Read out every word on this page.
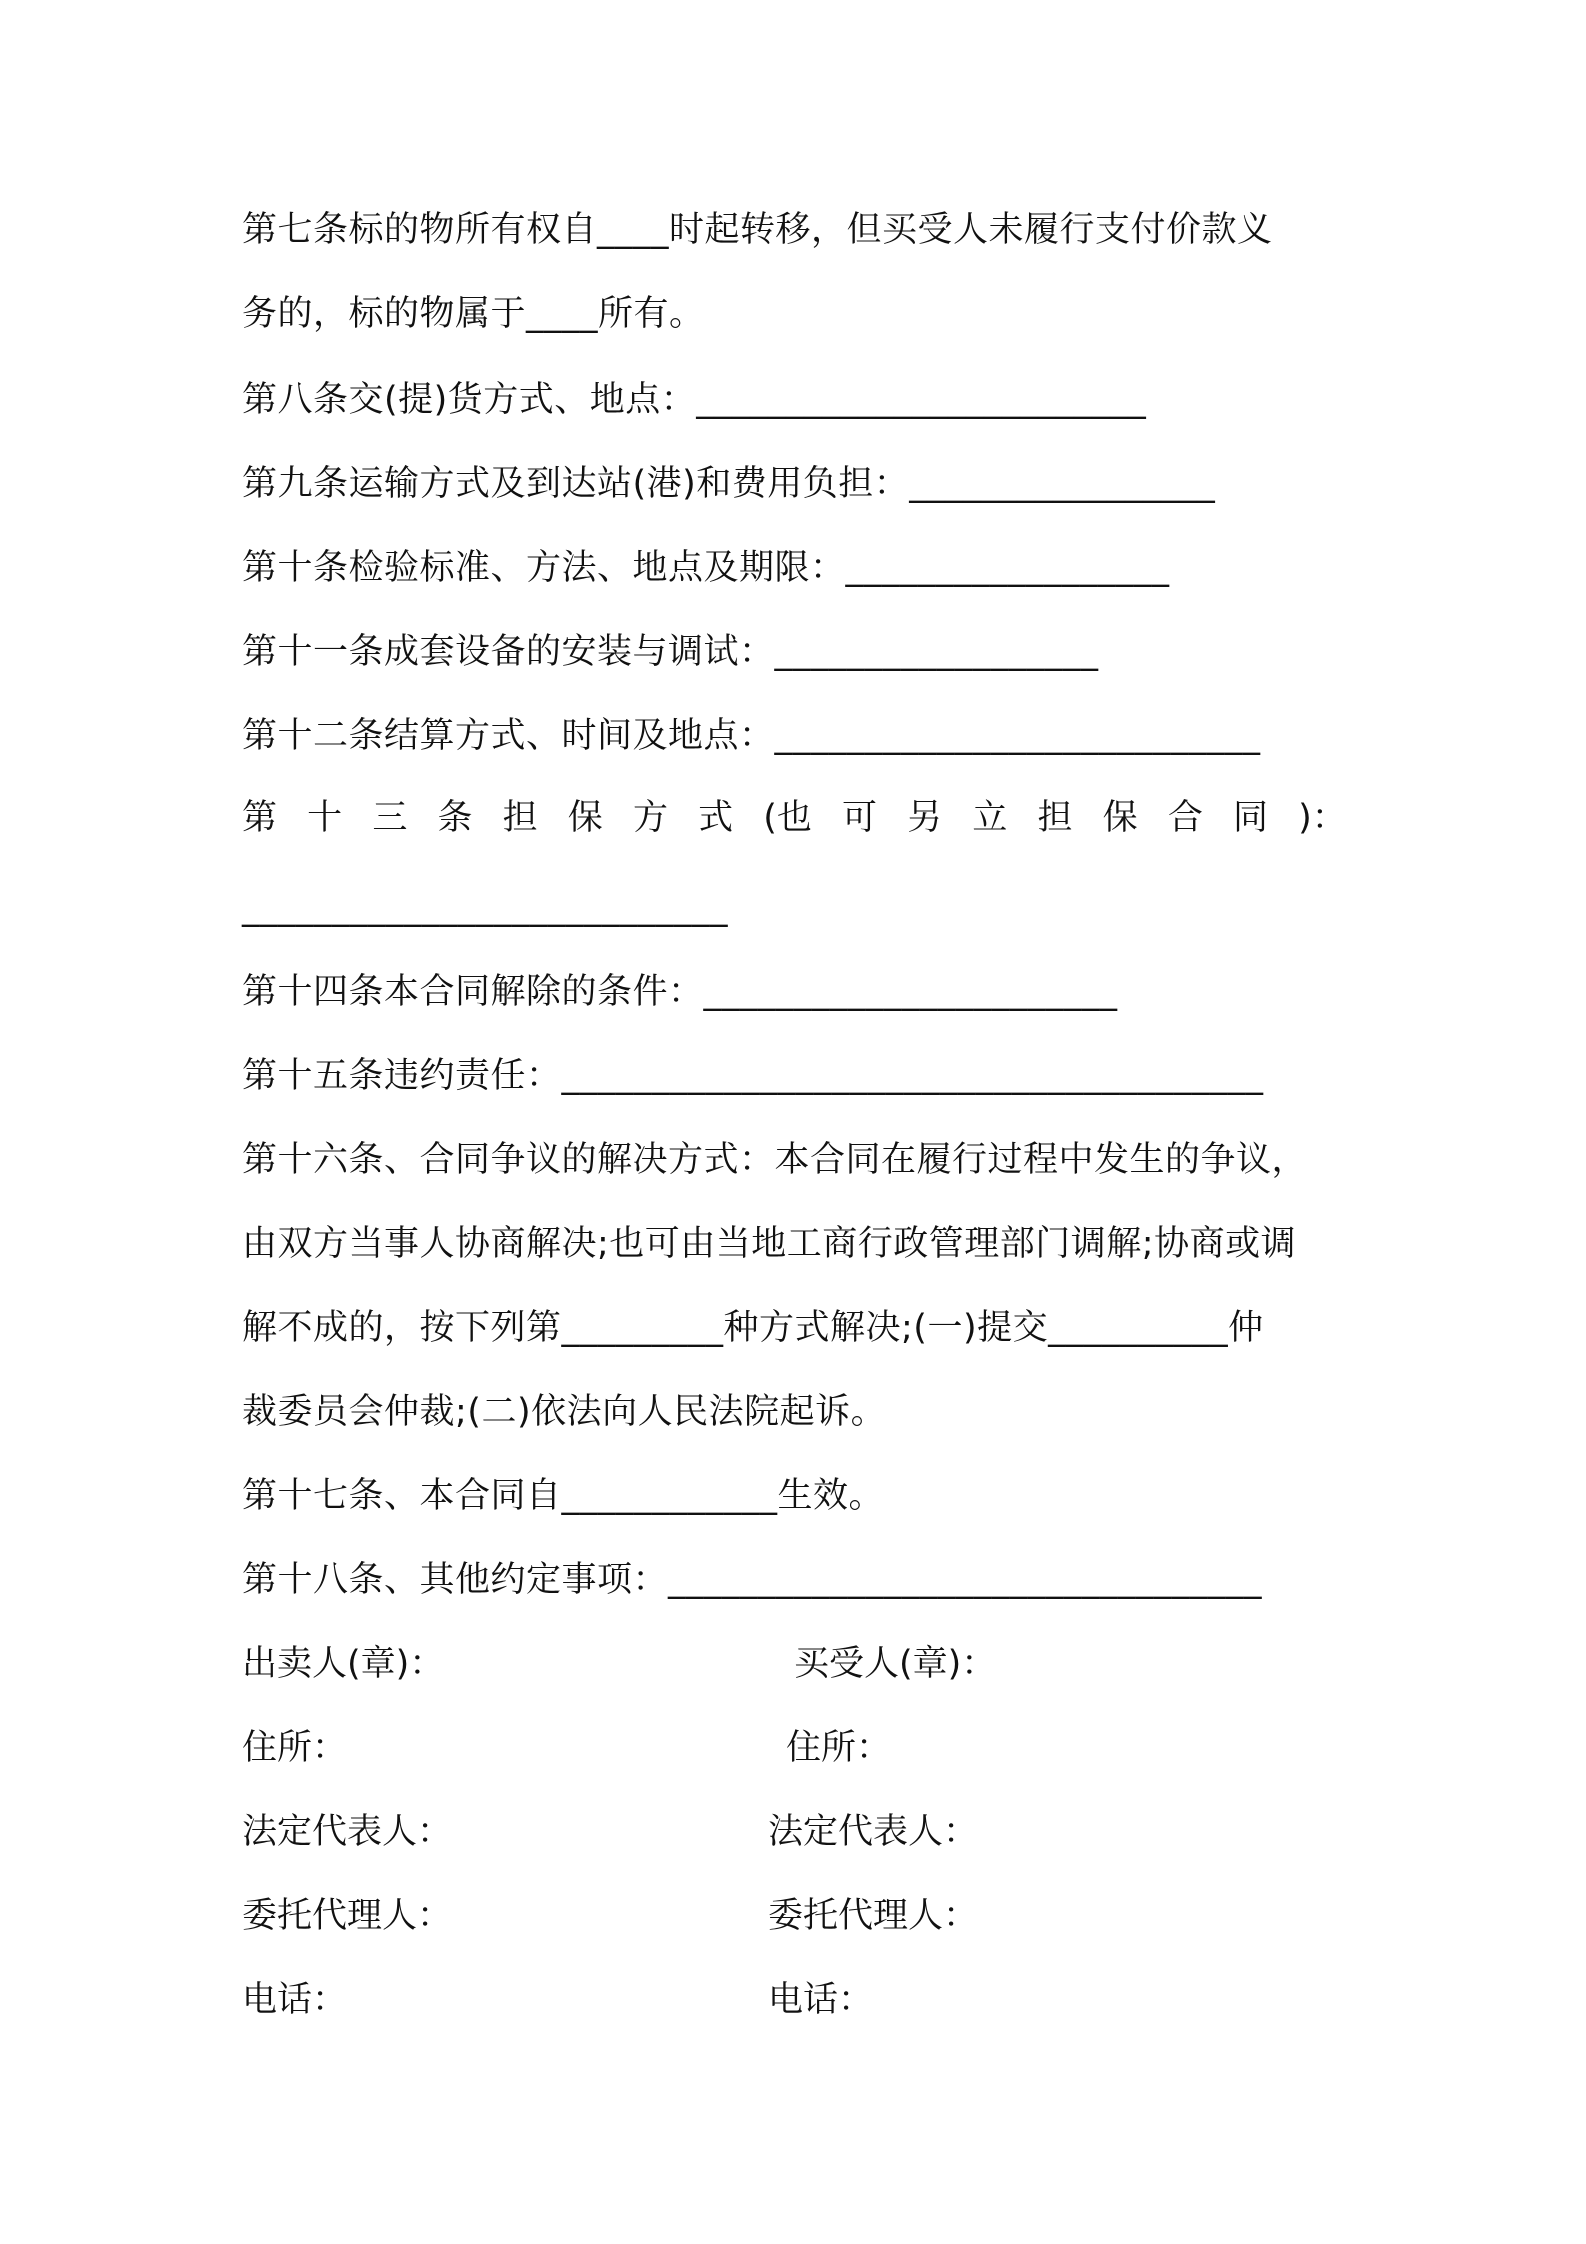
第七条标的物所有权自____时起转移，但买受人未履行支付价款义
务的，标的物属于____所有。
第八条交(提)货方式、地点：_________________________
第九条运输方式及到达站(港)和费用负担：_________________
第十条检验标准、方法、地点及期限：__________________
第十一条成套设备的安装与调试：__________________
第十二条结算方式、时间及地点：___________________________
第 十 三 条 担 保 方 式 (也 可 另 立 担 保 合 同 )：
___________________________
第十四条本合同解除的条件：_______________________
第十五条违约责任：_______________________________________
第十六条、合同争议的解决方式：本合同在履行过程中发生的争议，
由双方当事人协商解决;也可由当地工商行政管理部门调解;协商或调
解不成的，按下列第_________种方式解决;(一)提交__________仲
裁委员会仲裁;(二)依法向人民法院起诉。
第十七条、本合同自____________生效。
第十八条、其他约定事项：_________________________________
出卖人(章)：	买受人(章)：
住所：	住所：
法定代表人：	法定代表人：
委托代理人：	委托代理人：
电话：	电话：
